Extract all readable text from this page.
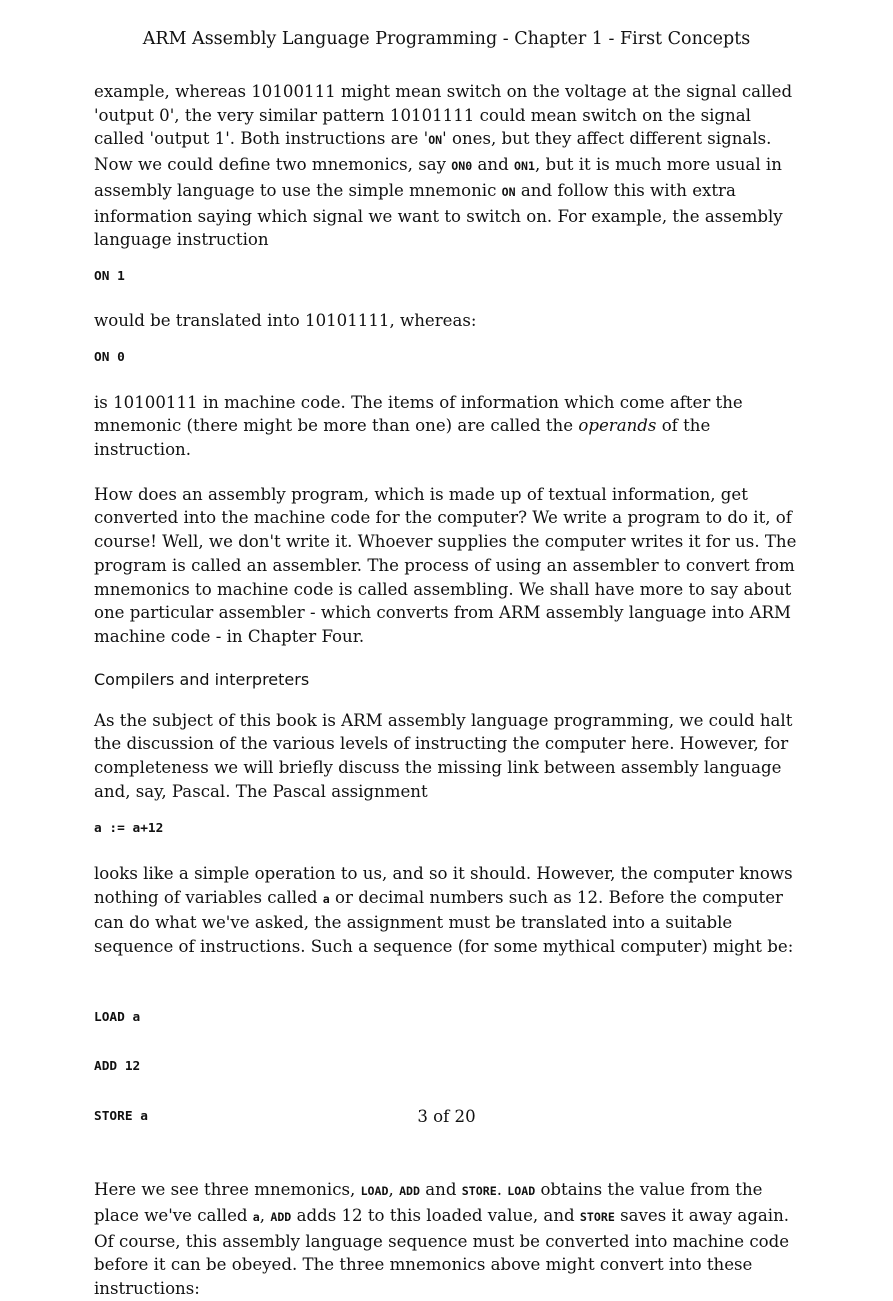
ARM Assembly Language Programming - Chapter 1 - First Concepts

example, whereas 10100111 might mean switch on the voltage at the signal called 'output 0', the very similar pattern 10101111 could mean switch on the signal called 'output 1'. Both instructions are 'ON' ones, but they affect different signals. Now we could define two mnemonics, say ON0 and ON1, but it is much more usual in assembly language to use the simple mnemonic ON and follow this with extra information saying which signal we want to switch on. For example, the assembly language instruction

ON 1

would be translated into 10101111, whereas:

ON 0

is 10100111 in machine code. The items of information which come after the mnemonic (there might be more than one) are called the operands of the instruction.

How does an assembly program, which is made up of textual information, get converted into the machine code for the computer? We write a program to do it, of course! Well, we don't write it. Whoever supplies the computer writes it for us. The program is called an assembler. The process of using an assembler to convert from mnemonics to machine code is called assembling. We shall have more to say about one particular assembler - which converts from ARM assembly language into ARM machine code - in Chapter Four.

Compilers and interpreters

As the subject of this book is ARM assembly language programming, we could halt the discussion of the various levels of instructing the computer here. However, for completeness we will briefly discuss the missing link between assembly language and, say, Pascal. The Pascal assignment

a := a+12

looks like a simple operation to us, and so it should. However, the computer knows nothing of variables called a or decimal numbers such as 12. Before the computer can do what we've asked, the assignment must be translated into a suitable sequence of instructions. Such a sequence (for some mythical computer) might be:

LOAD a

ADD 12

STORE a

Here we see three mnemonics, LOAD, ADD and STORE. LOAD obtains the value from the place we've called a, ADD adds 12 to this loaded value, and STORE saves it away again. Of course, this assembly language sequence must be converted into machine code before it can be obeyed. The three mnemonics above might convert into these instructions:

3 of 20
